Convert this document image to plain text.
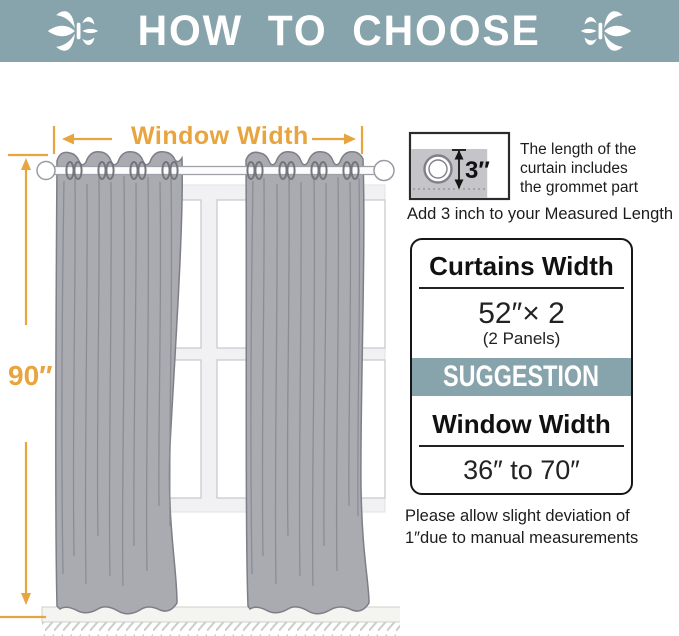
HOW TO CHOOSE
Window Width
90″
3″
The length of the
curtain includes
the grommet part
Add 3 inch to your Measured Length
Curtains Width
52″× 2
(2 Panels)
SUGGESTION
Window Width
36″ to 70″
Please allow slight deviation of
1″due to manual measurements
